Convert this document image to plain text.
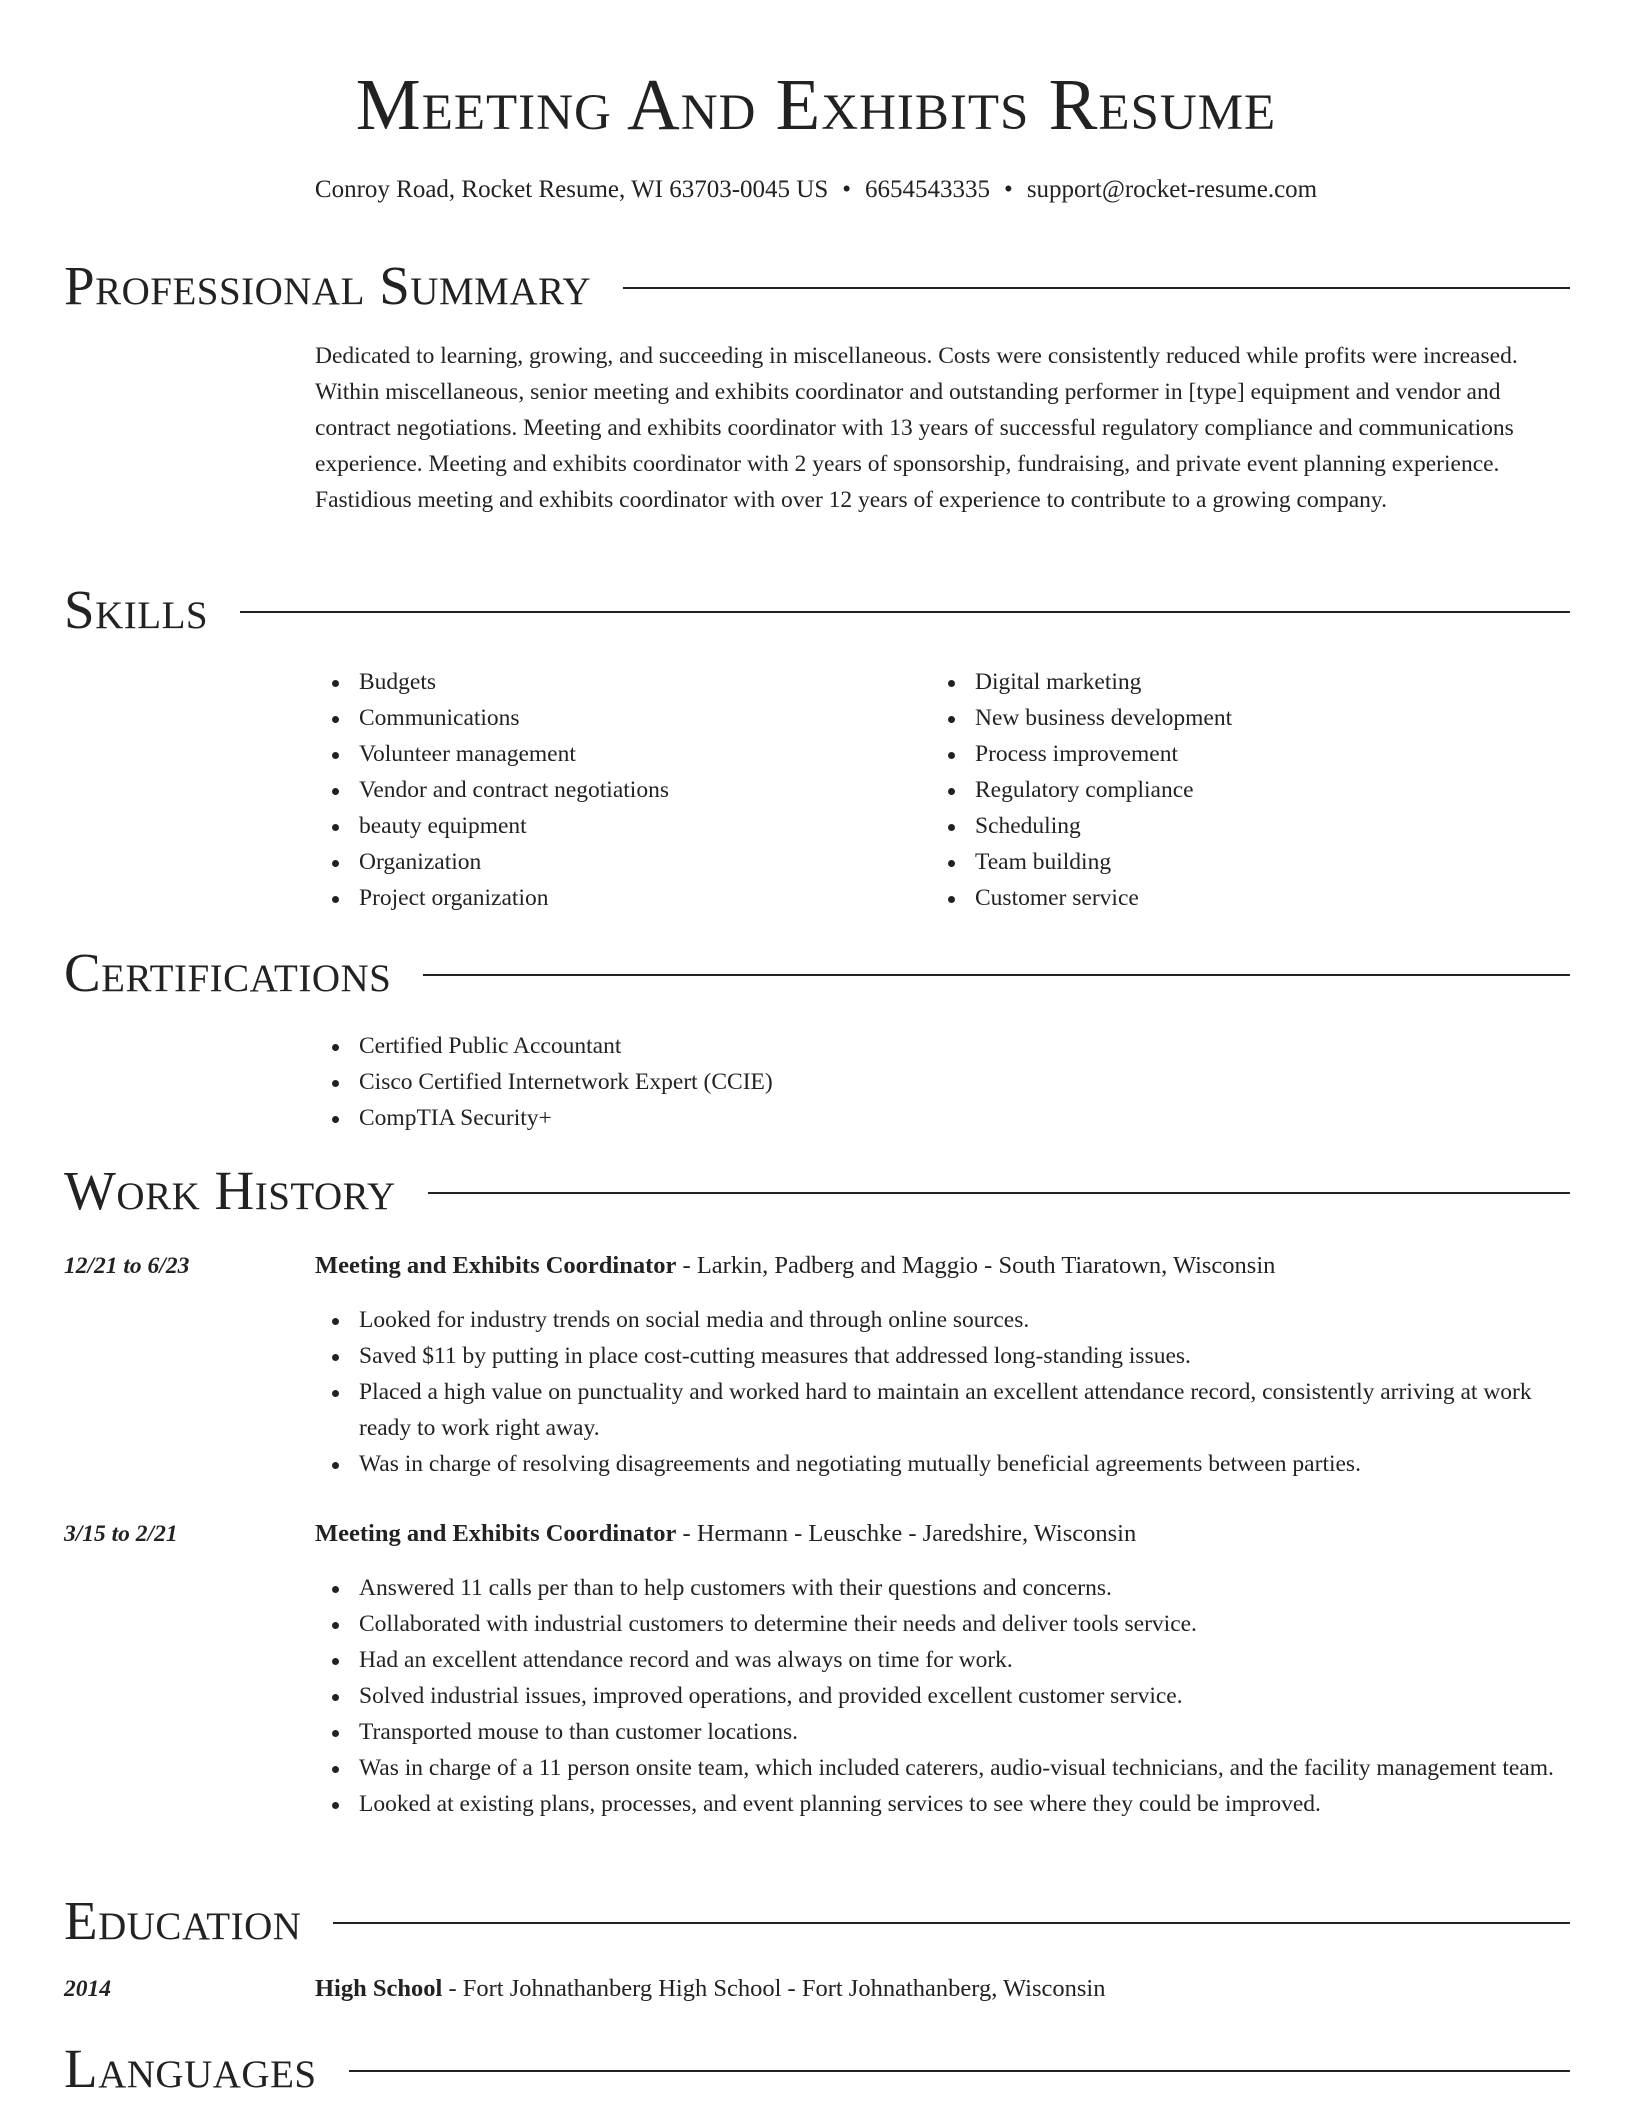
Meeting And Exhibits Resume
Conroy Road, Rocket Resume, WI 63703-0045 US • 6654543335 • support@rocket-resume.com
Professional Summary

Dedicated to learning, growing, and succeeding in miscellaneous. Costs were consistently reduced while profits were increased. Within miscellaneous, senior meeting and exhibits coordinator and outstanding performer in [type] equipment and vendor and contract negotiations. Meeting and exhibits coordinator with 13 years of successful regulatory compliance and communications experience. Meeting and exhibits coordinator with 2 years of sponsorship, fundraising, and private event planning experience. Fastidious meeting and exhibits coordinator with over 12 years of experience to contribute to a growing company.

Skills
Budgets
Communications
Volunteer management
Vendor and contract negotiations
beauty equipment
Organization
Project organization
Digital marketing
New business development
Process improvement
Regulatory compliance
Scheduling
Team building
Customer service
Certifications
Certified Public Accountant
Cisco Certified Internetwork Expert (CCIE)
CompTIA Security+
Work History
12/21 to 6/23	Meeting and Exhibits Coordinator - Larkin, Padberg and Maggio - South Tiaratown, Wisconsin
Looked for industry trends on social media and through online sources.
Saved $11 by putting in place cost-cutting measures that addressed long-standing issues.
Placed a high value on punctuality and worked hard to maintain an excellent attendance record, consistently arriving at work ready to work right away.
Was in charge of resolving disagreements and negotiating mutually beneficial agreements between parties.
3/15 to 2/21	Meeting and Exhibits Coordinator - Hermann - Leuschke - Jaredshire, Wisconsin
Answered 11 calls per than to help customers with their questions and concerns.
Collaborated with industrial customers to determine their needs and deliver tools service.
Had an excellent attendance record and was always on time for work.
Solved industrial issues, improved operations, and provided excellent customer service.
Transported mouse to than customer locations.
Was in charge of a 11 person onsite team, which included caterers, audio-visual technicians, and the facility management team.
Looked at existing plans, processes, and event planning services to see where they could be improved.
Education
2014	High School - Fort Johnathanberg High School - Fort Johnathanberg, Wisconsin
Languages
